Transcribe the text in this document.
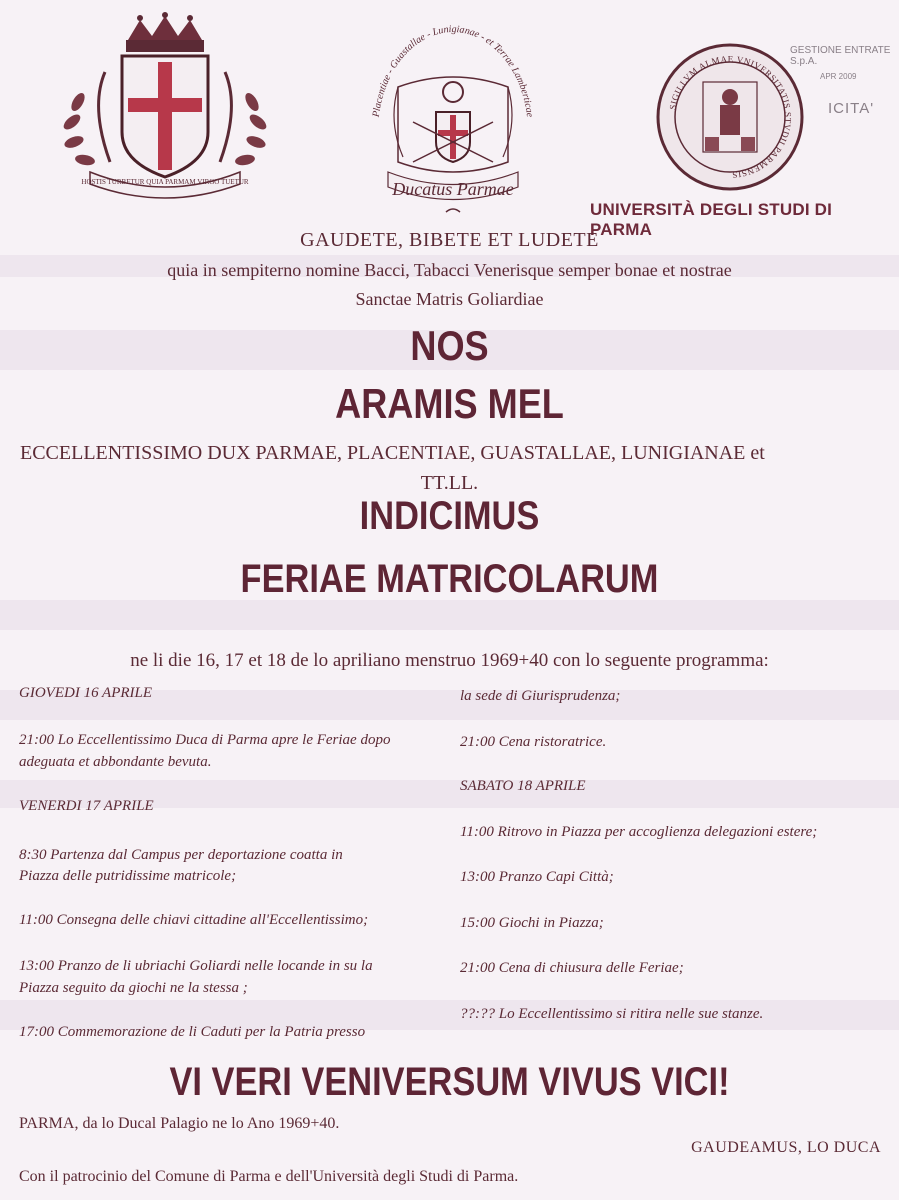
HOSTIS TURBETUR QUIA PARMAM VIRGO TUETUR
Placentiae - Guastallae - Lunigianae - et Terrae Lamberticae
Ducatus Parmae
SIGILLVM ALMAE VNIVERSITATIS STVDII PARMENSIS
GESTIONE ENTRATE S.p.A.
APR 2009
ICITA'
UNIVERSITÀ DEGLI STUDI DI PARMA
GAUDETE, BIBETE ET LUDETE
quia in sempiterno nomine Bacci, Tabacci Venerisque semper bonae et nostrae
Sanctae Matris Goliardiae
NOS
ARAMIS MEL
ECCELLENTISSIMO DUX PARMAE, PLACENTIAE, GUASTALLAE, LUNIGIANAE et
TT.LL.
INDICIMUS
FERIAE MATRICOLARUM
ne li die 16, 17 et 18 de lo apriliano menstruo 1969+40 con lo seguente programma:

GIOVEDI 16 APRILE

21:00 Lo Eccellentissimo Duca di Parma apre le Feriae dopo

adeguata et abbondante bevuta.

VENERDI 17 APRILE

8:30 Partenza dal Campus per deportazione coatta in

Piazza delle putridissime matricole;

11:00 Consegna delle chiavi cittadine all'Eccellentissimo;

13:00 Pranzo de li ubriachi Goliardi nelle locande in su la

Piazza seguito da giochi ne la stessa ;

17:00 Commemorazione de li Caduti per la Patria presso

la sede di Giurisprudenza;

21:00 Cena ristoratrice.

SABATO 18 APRILE

11:00 Ritrovo in Piazza per accoglienza delegazioni estere;

13:00 Pranzo Capi Città;

15:00 Giochi in Piazza;

21:00 Cena di chiusura delle Feriae;

??:?? Lo Eccellentissimo si ritira nelle sue stanze.

VI VERI VENIVERSUM VIVUS VICI!
PARMA, da lo Ducal Palagio ne lo Ano 1969+40.
GAUDEAMUS, LO DUCA
Con il patrocinio del Comune di Parma e dell'Università degli Studi di Parma.
